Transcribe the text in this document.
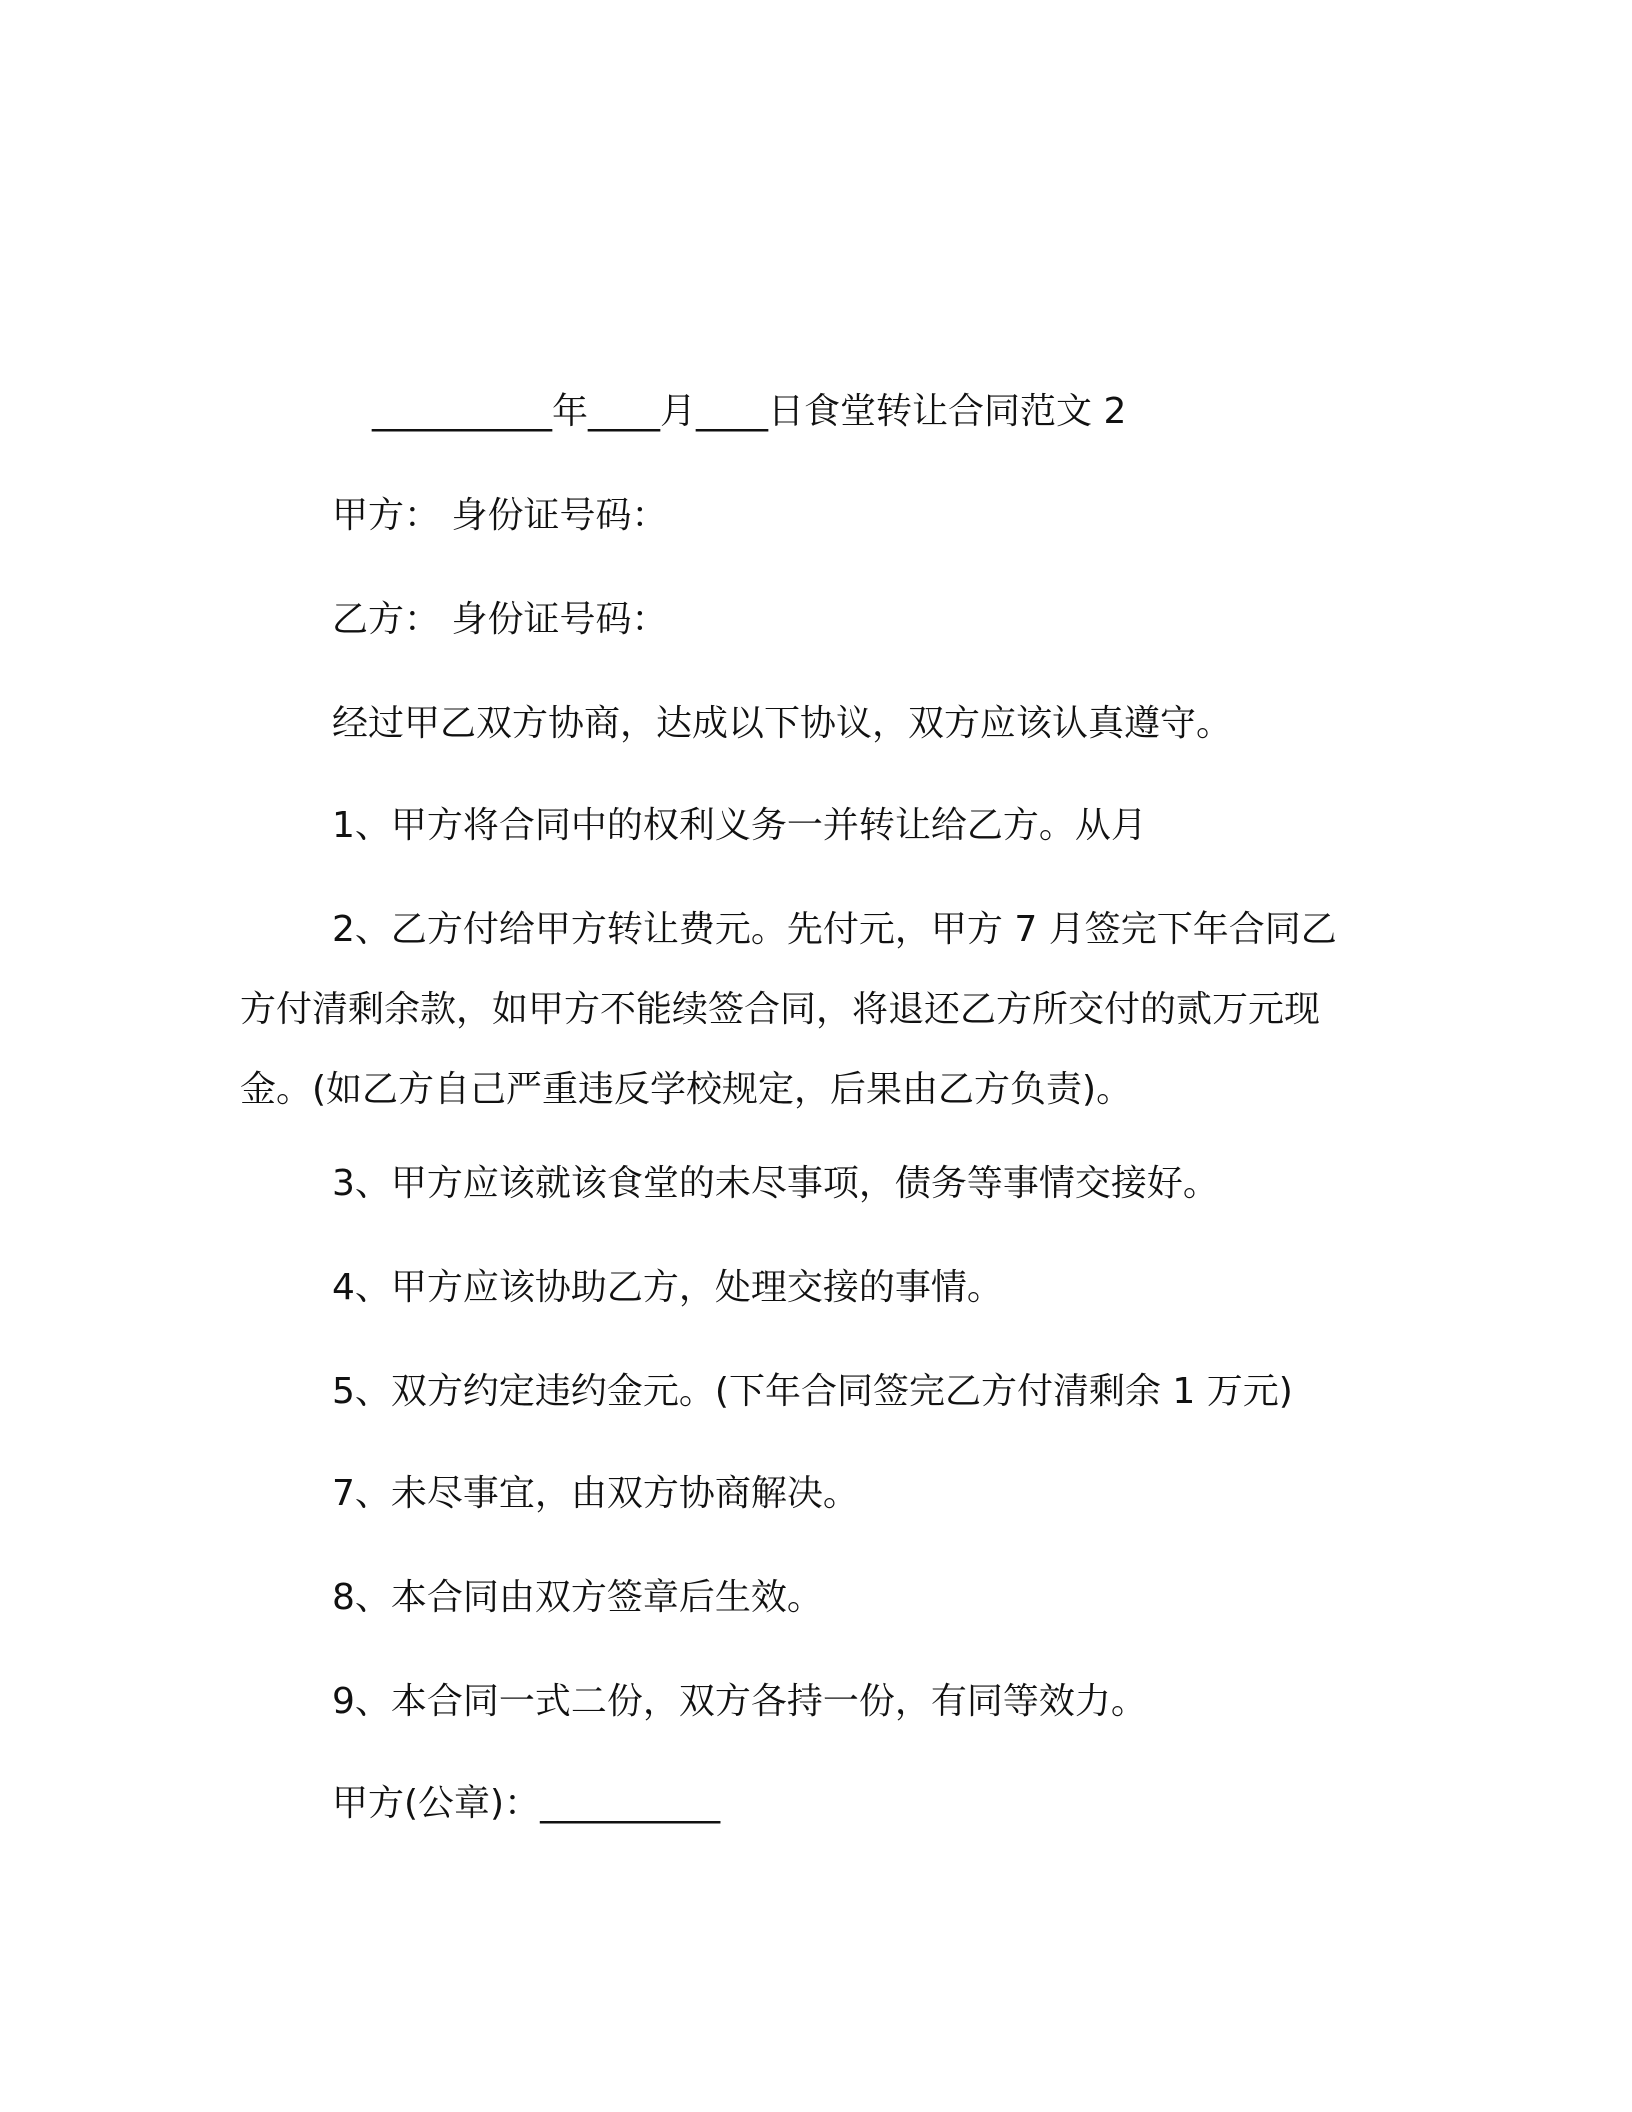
__________年____月____日食堂转让合同范文 2
甲方： 身份证号码：
乙方： 身份证号码：
经过甲乙双方协商，达成以下协议，双方应该认真遵守。
1、甲方将合同中的权利义务一并转让给乙方。从月
2、乙方付给甲方转让费元。先付元，甲方 7 月签完下年合同乙方付清剩余款，如甲方不能续签合同，将退还乙方所交付的贰万元现金。(如乙方自己严重违反学校规定，后果由乙方负责)。
3、甲方应该就该食堂的未尽事项，债务等事情交接好。
4、甲方应该协助乙方，处理交接的事情。
5、双方约定违约金元。(下年合同签完乙方付清剩余 1 万元)
7、未尽事宜，由双方协商解决。
8、本合同由双方签章后生效。
9、本合同一式二份，双方各持一份，有同等效力。
甲方(公章)：__________
